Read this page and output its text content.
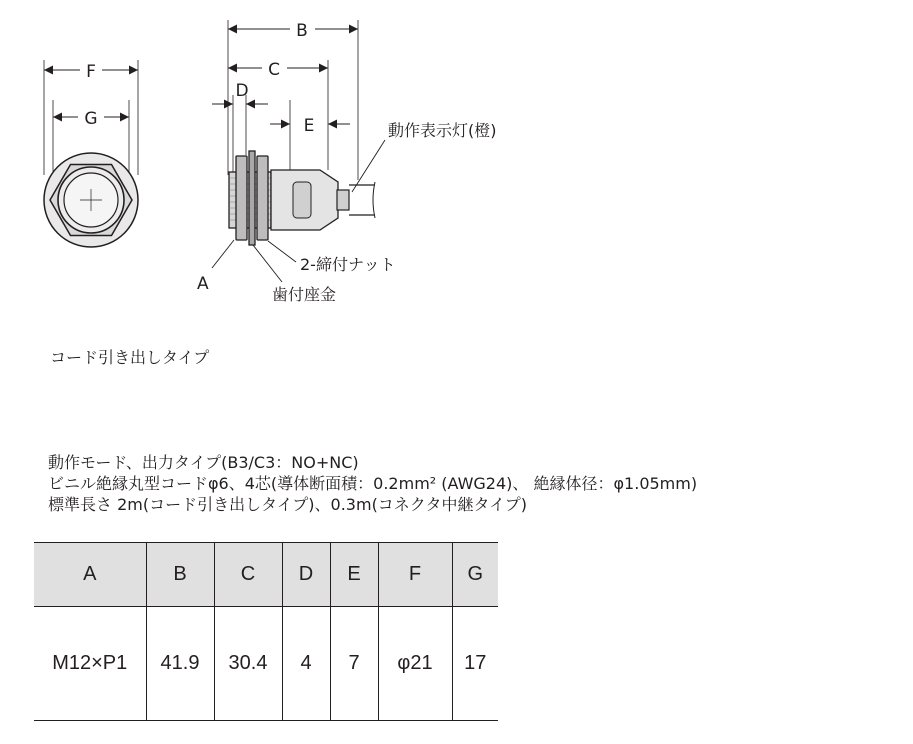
F
G
B
C
D
E	動作表示灯(橙)
2-締付ナット
歯付座金
A
コード引き出しタイプ
動作モード、出力タイプ(B3/C3：NO+NC)
ビニル絶縁丸型コードφ6、4芯(導体断面積：0.2mm² (AWG24)、 絶縁体径：φ1.05mm)
標準長さ 2m(コード引き出しタイプ)、0.3m(コネクタ中継タイプ)
A	B	C	D	E	F	G
M12×P1	41.9	30.4	4	7	φ21	17
